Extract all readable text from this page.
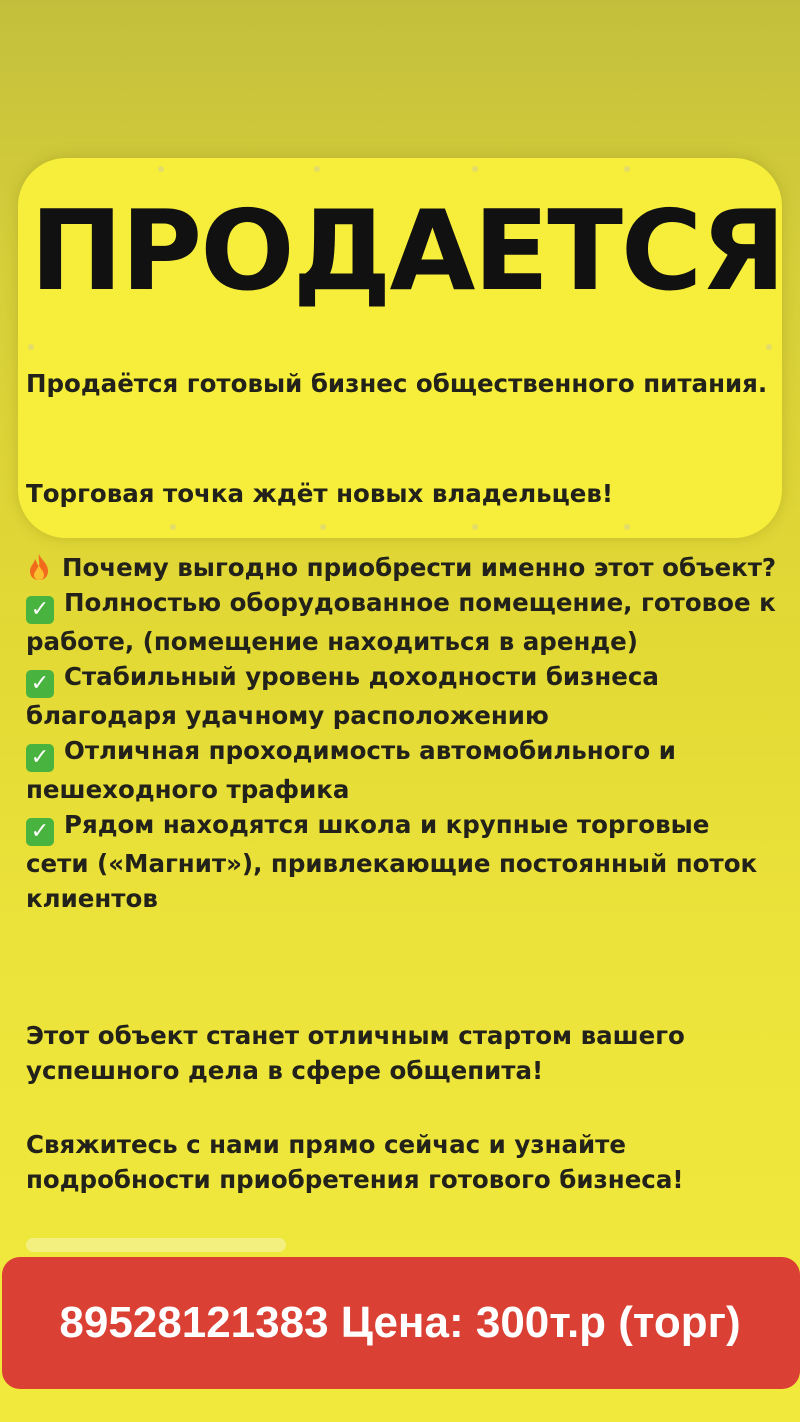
ПРОДАЕТСЯ
Продаётся готовый бизнес общественного питания.
Торговая точка ждёт новых владельцев!
Почему выгодно приобрести именно этот объект?
✓ Полностью оборудованное помещение, готовое к работе, (помещение находиться в аренде)
✓ Стабильный уровень доходности бизнеса благодаря удачному расположению
✓ Отличная проходимость автомобильного и пешеходного трафика
✓ Рядом находятся школа и крупные торговые сети («Магнит»), привлекающие постоянный поток клиентов
Этот объект станет отличным стартом вашего успешного дела в сфере общепита!
Свяжитесь с нами прямо сейчас и узнайте подробности приобретения готового бизнеса!
89528121383 Цена: 300т.р (торг)
